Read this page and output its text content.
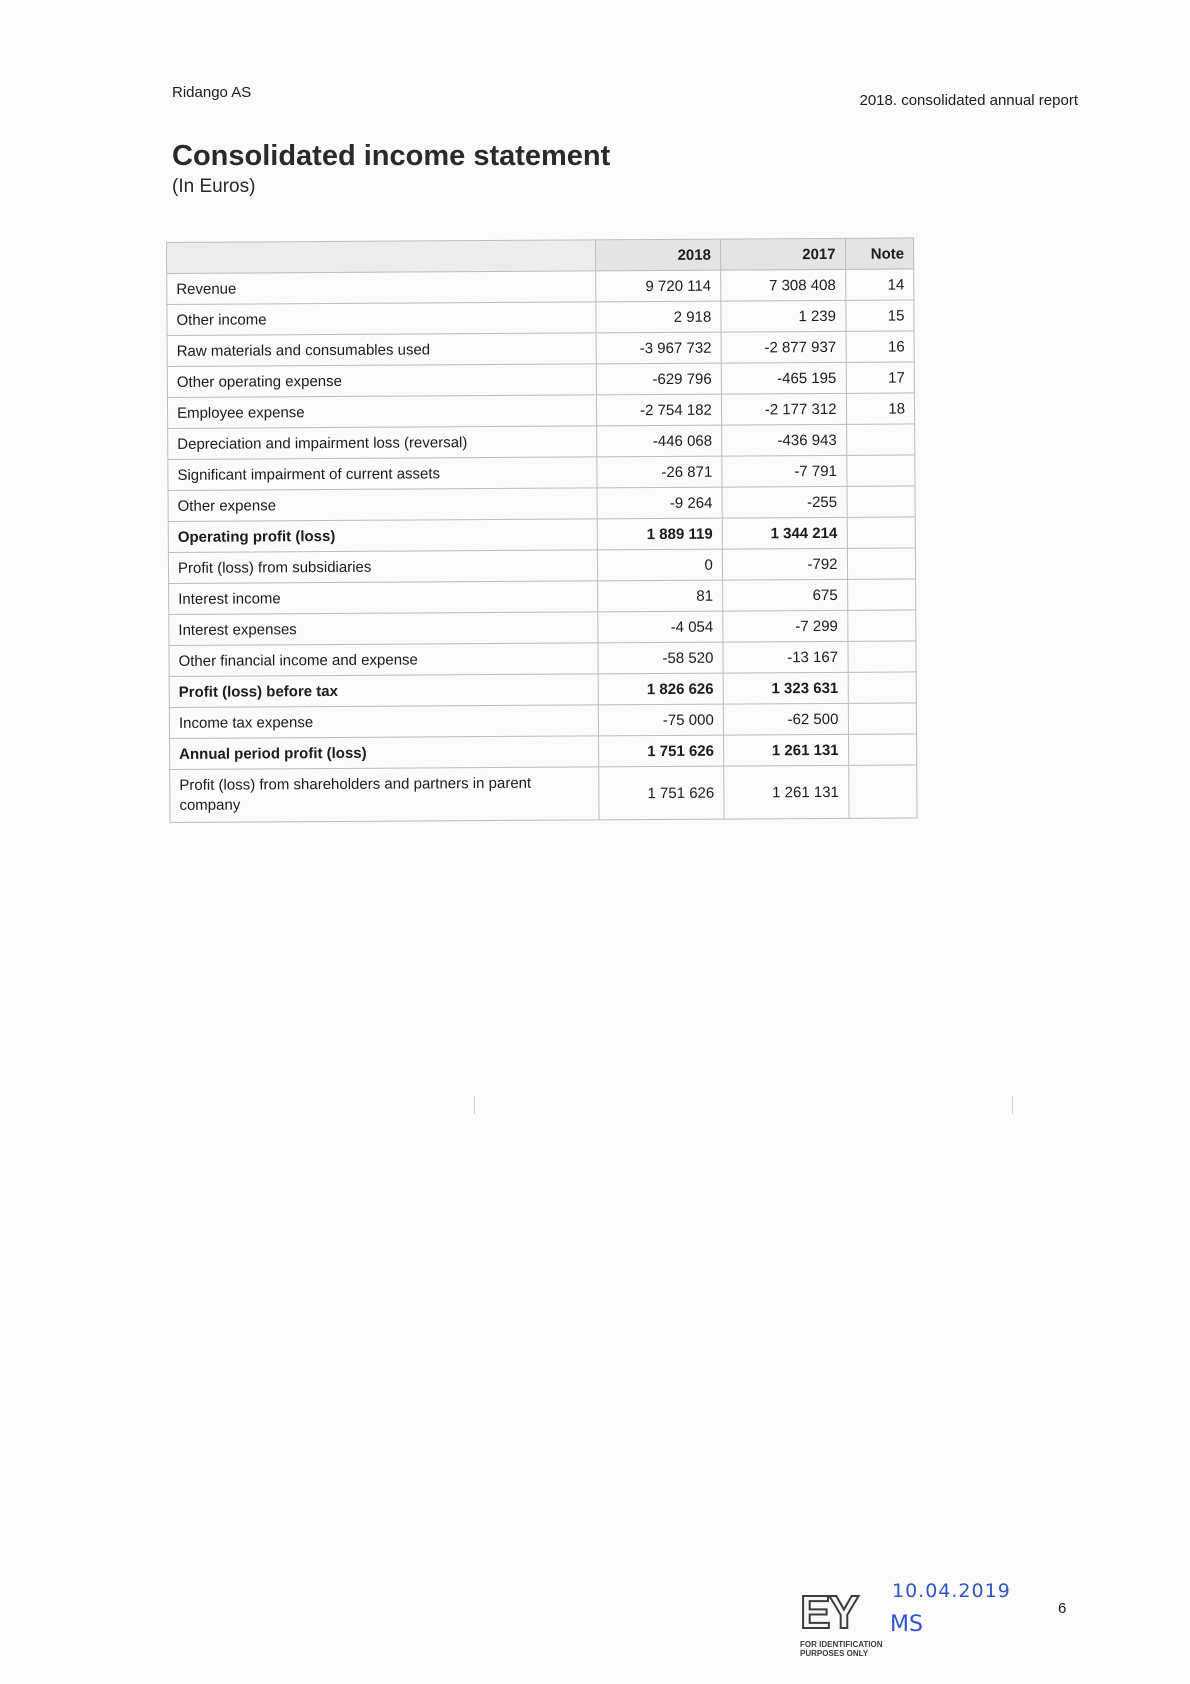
Ridango AS	2018. consolidated annual report
Consolidated income statement
(In Euros)
	2018	2017	Note
Revenue	9 720 114	7 308 408	14
Other income	2 918	1 239	15
Raw materials and consumables used	-3 967 732	-2 877 937	16
Other operating expense	-629 796	-465 195	17
Employee expense	-2 754 182	-2 177 312	18
Depreciation and impairment loss (reversal)	-446 068	-436 943	
Significant impairment of current assets	-26 871	-7 791	
Other expense	-9 264	-255	
Operating profit (loss)	1 889 119	1 344 214	
Profit (loss) from subsidiaries	0	-792	
Interest income	81	675	
Interest expenses	-4 054	-7 299	
Other financial income and expense	-58 520	-13 167	
Profit (loss) before tax	1 826 626	1 323 631	
Income tax expense	-75 000	-62 500	
Annual period profit (loss)	1 751 626	1 261 131	
Profit (loss) from shareholders and partners in parent company	1 751 626	1 261 131	
EY
FOR IDENTIFICATION PURPOSES ONLY
10.04.2019
MS
6
